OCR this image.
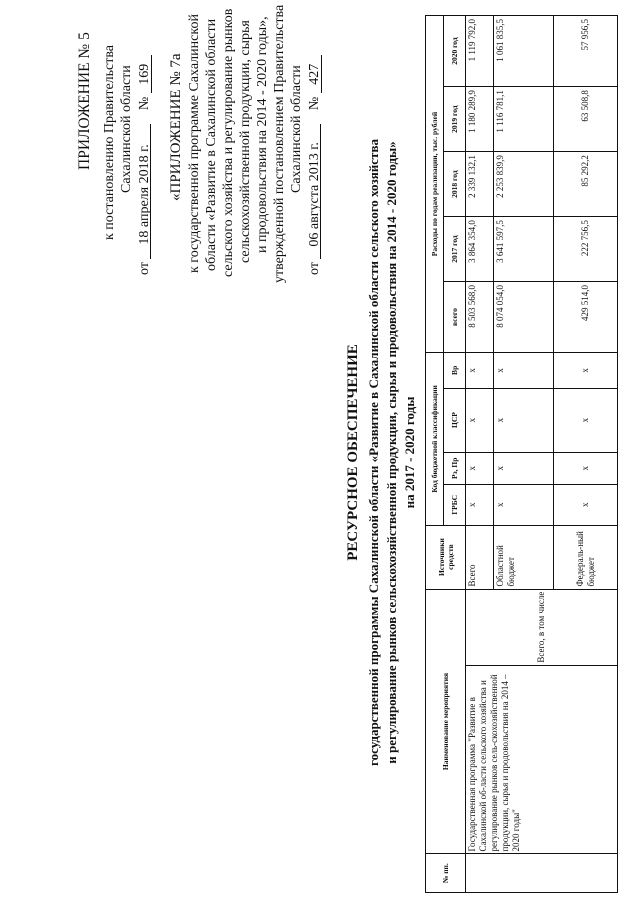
ПРИЛОЖЕНИЕ № 5 к постановлению Правительства Сахалинской области
от 18 апреля 2018 г. № 169 «ПРИЛОЖЕНИЕ № 7а к государственной программе Сахалинской области «Развитие в Сахалинской области сельского хозяйства и регулирование рынков сельскохозяйственной продукции, сырья и продовольствия на 2014 - 2020 годы», утвержденной постановлением Правительства Сахалинской области
от 06 августа 2013 г. № 427
РЕСУРСНОЕ ОБЕСПЕЧЕНИЕ государственной программы Сахалинской области «Развитие в Сахалинской области сельского хозяйства и регулирование рынков сельскохозяйственной продукции, сырья и продовольствия на 2014 - 2020 годы» на 2017 - 2020 годы
№ пп.	Наименование мероприятия		Источники средств	Код бюджетной классификации				Расходы по годам реализации, тыс. рублей				
				ГРБС	Рз, Пр	ЦСР	Вр	всего	2017 год	2018 год	2019 год	2020 год
	Государственная программа "Развитие в Сахалинской об-ласти сельского хозяйства и регулирование рынков сель-скохозяйственной продукции, сырья и продовольствия на 2014 – 2020 годы"	Всего, в том числе	Всего	х	х	х	х	8 503 568,0	3 864 354,0	2 339 132,1	1 180 289,9	1 119 792,0
			Областной бюджет	х	х	х	х	8 074 054,0	3 641 597,5	2 253 839,9	1 116 781,1	1 061 835,5
			Федераль-ный бюджет	х	х	х	х	429 514,0	222 756,5	85 292,2	63 508,8	57 956,5
